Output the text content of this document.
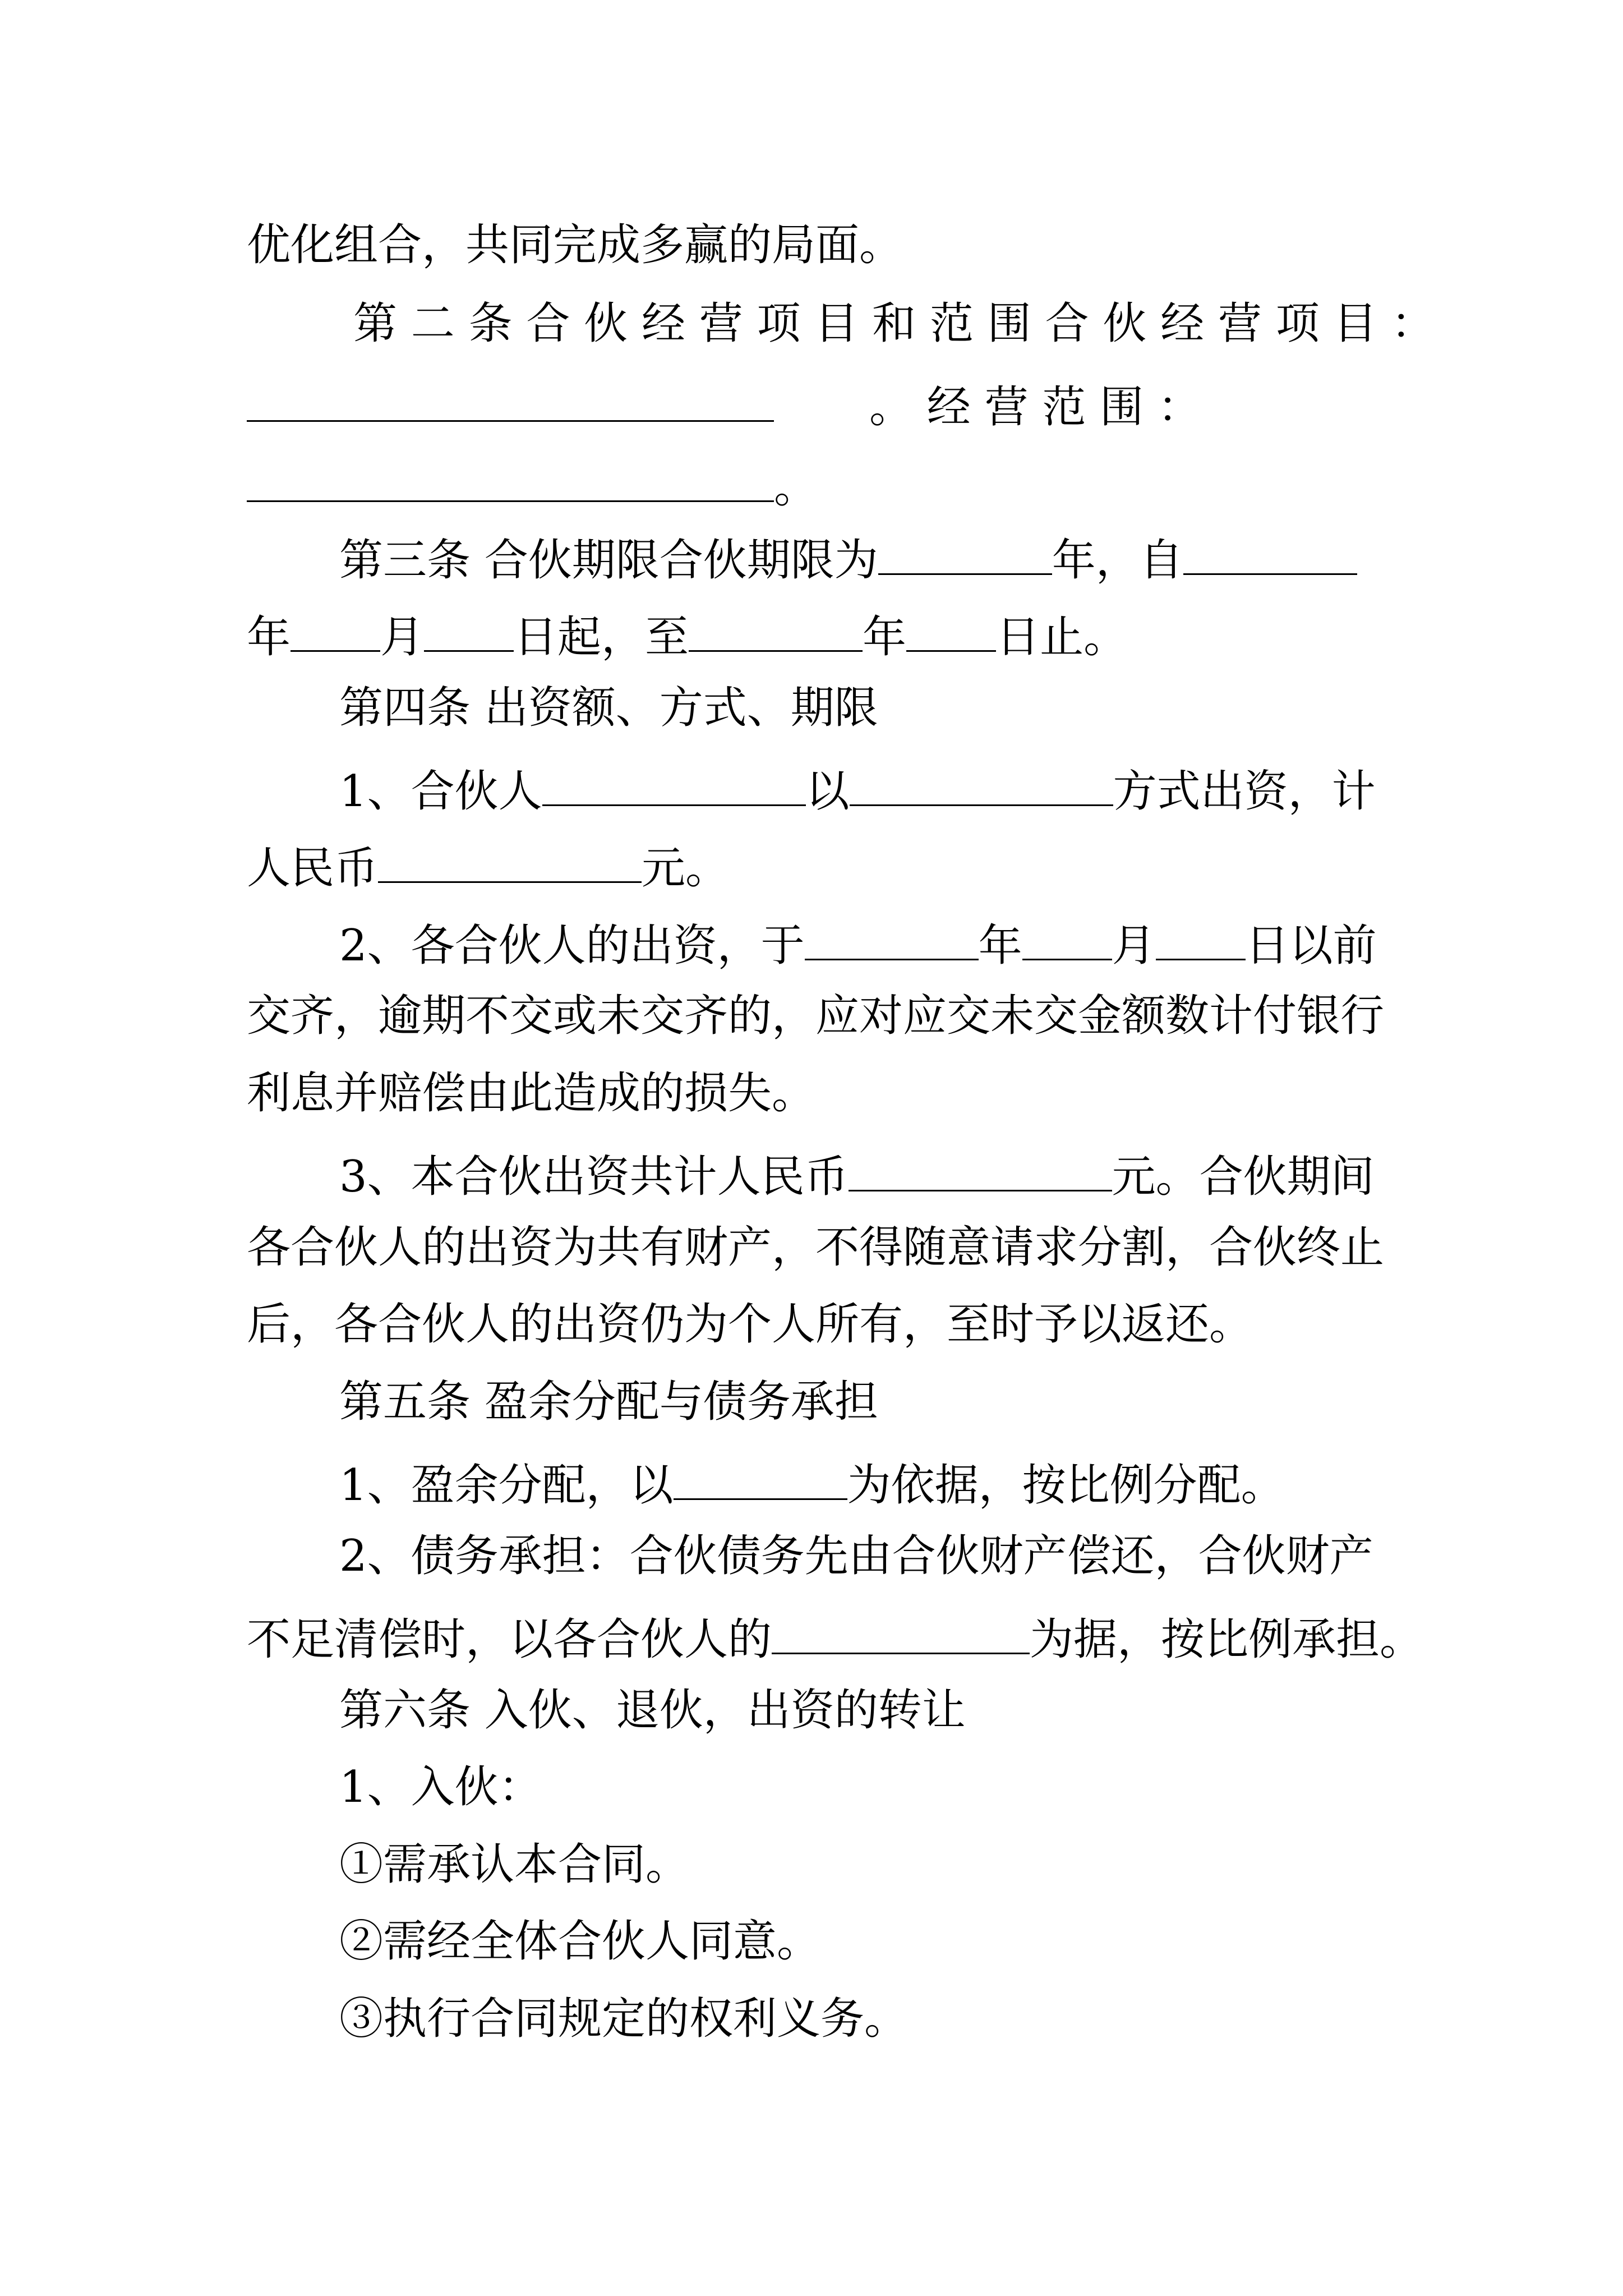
优化组合，共同完成多赢的局面。
第 二 条 合 伙 经 营 项 目 和 范 围 合 伙 经 营 项 目 ：
。 经 营 范 围 ：
。
第三条 合伙期限合伙期限为	年，自
年 月 日起，至	年 日止。
第四条 出资额、方式、期限
1、合伙人	以	方式出资，计
人民币	元。
2、各合伙人的出资，于	年 月 日以前
交齐，逾期不交或未交齐的，应对应交未交金额数计付银行
利息并赔偿由此造成的损失。
3、本合伙出资共计人民币	元。合伙期间
各合伙人的出资为共有财产，不得随意请求分割，合伙终止
后，各合伙人的出资仍为个人所有，至时予以返还。
第五条 盈余分配与债务承担
1、盈余分配，以	为依据，按比例分配。
2、债务承担：合伙债务先由合伙财产偿还，合伙财产
不足清偿时，以各合伙人的	为据，按比例承担。
第六条 入伙、退伙，出资的转让
1、入伙：
①需承认本合同。
②需经全体合伙人同意。
③执行合同规定的权利义务。
